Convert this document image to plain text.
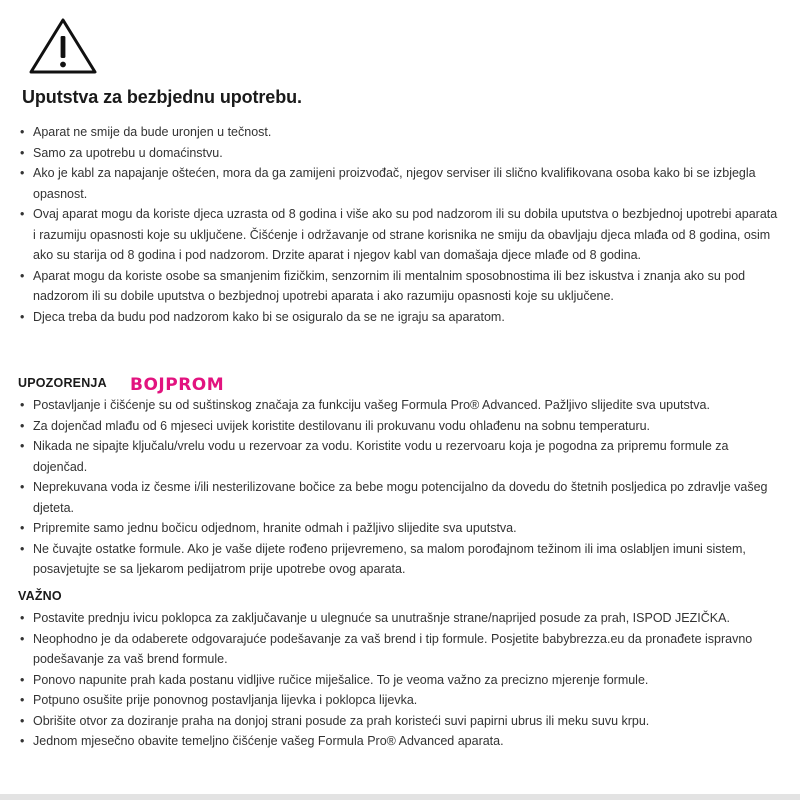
Uputstva za bezbjednu upotrebu.
• Aparat ne smije da bude uronjen u tečnost.
• Samo za upotrebu u domaćinstvu.
• Ako je kabl za napajanje oštećen, mora da ga zamijeni proizvođač, njegov serviser ili slično kvalifikovana osoba kako bi se izbjegla opasnost.
• Ovaj aparat mogu da koriste djeca uzrasta od 8 godina i više ako su pod nadzorom ili su dobila uputstva o bezbjednoj upotrebi aparata i razumiju opasnosti koje su uključene. Čišćenje i održavanje od strane korisnika ne smiju da obavljaju djeca mlađa od 8 godina, osim ako su starija od 8 godina i pod nadzorom. Drzite aparat i njegov kabl van domašaja djece mlađe od 8 godina.
• Aparat mogu da koriste osobe sa smanjenim fizičkim, senzornim ili mentalnim sposobnostima ili bez iskustva i znanja ako su pod nadzorom ili su dobile uputstva o bezbjednoj upotrebi aparata i ako razumiju opasnosti koje su uključene.
• Djeca treba da budu pod nadzorom kako bi se osiguralo da se ne igraju sa aparatom.
BOJPROM
UPOZORENJA
• Postavljanje i čišćenje su od suštinskog značaja za funkciju vašeg Formula Pro® Advanced. Pažljivo slijedite sva uputstva.
• Za dojenčad mlađu od 6 mjeseci uvijek koristite destilovanu ili prokuvanu vodu ohlađenu na sobnu temperaturu.
• Nikada ne sipajte ključalu/vrelu vodu u rezervoar za vodu. Koristite vodu u rezervoaru koja je pogodna za pripremu formule za dojenčad.
• Neprekuvana voda iz česme i/ili nesterilizovane bočice za bebe mogu potencijalno da dovedu do štetnih posljedica po zdravlje vašeg djeteta.
• Pripremite samo jednu bočicu odjednom, hranite odmah i pažljivo slijedite sva uputstva.
• Ne čuvajte ostatke formule. Ako je vaše dijete rođeno prijevremeno, sa malom porođajnom težinom ili ima oslabljen imuni sistem, posavjetujte se sa ljekarom pedijatrom prije upotrebe ovog aparata.
VAŽNO
• Postavite prednju ivicu poklopca za zaključavanje u ulegnuće sa unutrašnje strane/naprijed posude za prah, ISPOD JEZIČKA.
• Neophodno je da odaberete odgovarajuće podešavanje za vaš brend i tip formule. Posjetite babybrezza.eu da pronađete ispravno podešavanje za vaš brend formule.
• Ponovo napunite prah kada postanu vidljive ručice miješalice. To je veoma važno za precizno mjerenje formule.
• Potpuno osušite prije ponovnog postavljanja lijevka i poklopca lijevka.
• Obrišite otvor za doziranje praha na donjoj strani posude za prah koristeći suvi papirni ubrus ili meku suvu krpu.
• Jednom mjesečno obavite temeljno čišćenje vašeg Formula Pro® Advanced aparata.
